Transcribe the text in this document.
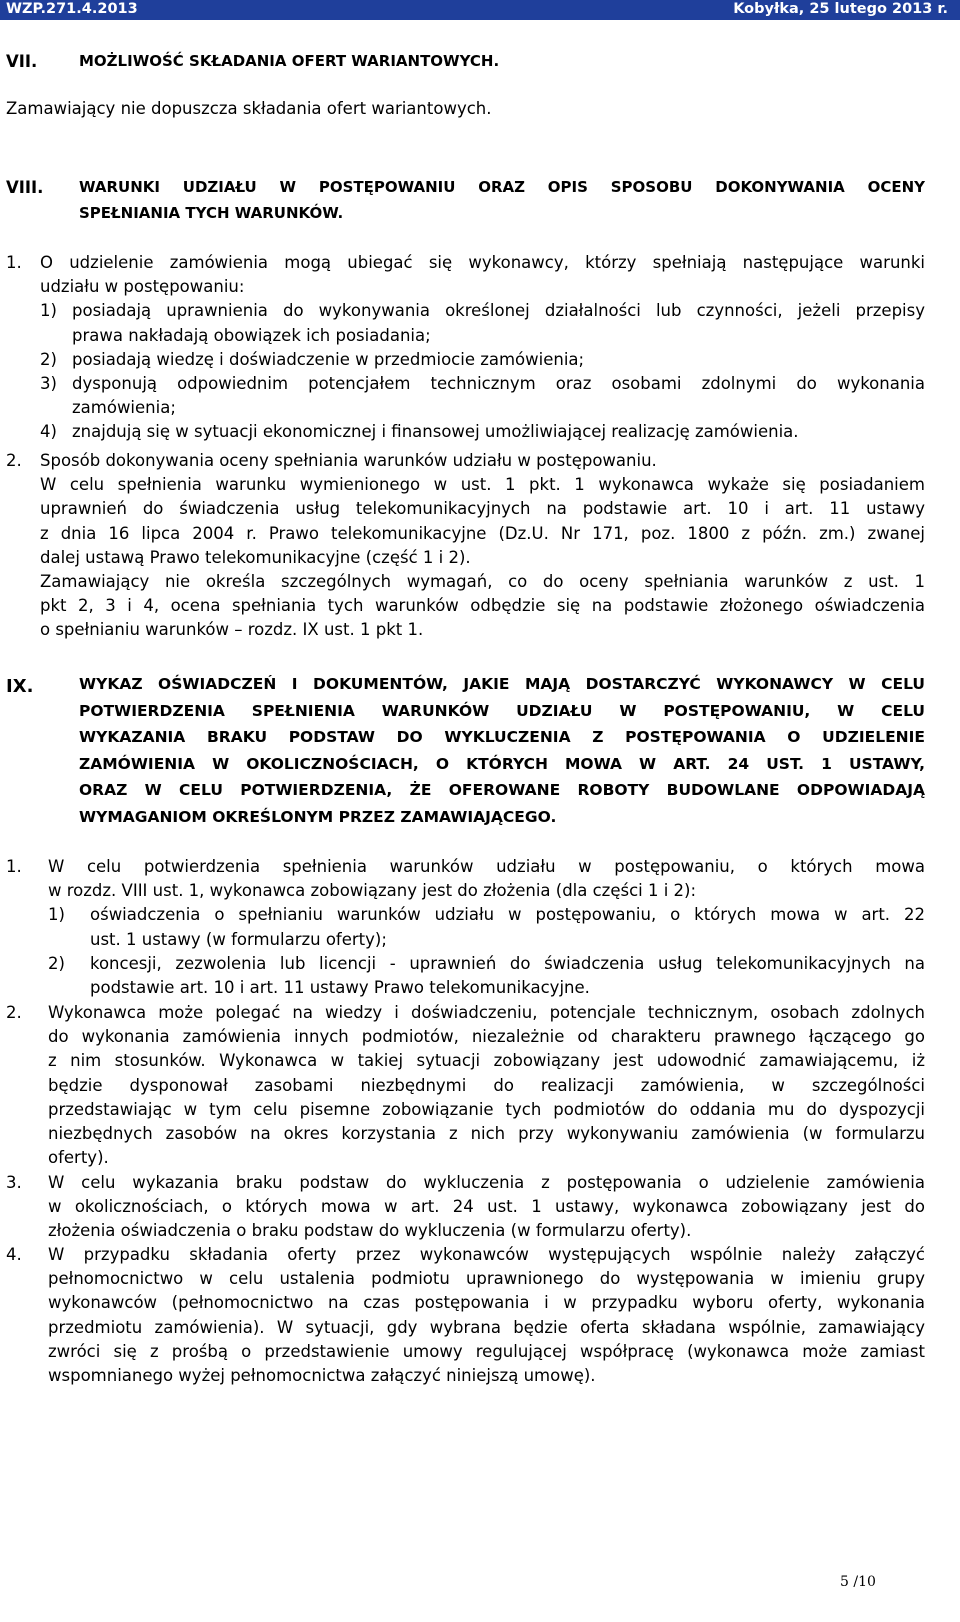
WZP.271.4.2013	Kobyłka, 25 lutego 2013 r.
VII.	MOŻLIWOŚĆ SKŁADANIA OFERT WARIANTOWYCH.
Zamawiający nie dopuszcza składania ofert wariantowych.
VIII. WARUNKI UDZIAŁU W POSTĘPOWANIU ORAZ OPIS SPOSOBU DOKONYWANIA OCENY
SPEŁNIANIA TYCH WARUNKÓW.
1. O udzielenie zamówienia mogą ubiegać się wykonawcy, którzy spełniają następujące warunki
udziału w postępowaniu:
1) posiadają uprawnienia do wykonywania określonej działalności lub czynności, jeżeli przepisy
prawa nakładają obowiązek ich posiadania;
2) posiadają wiedzę i doświadczenie w przedmiocie zamówienia;
3) dysponują odpowiednim potencjałem technicznym oraz osobami zdolnymi do wykonania
zamówienia;
4) znajdują się w sytuacji ekonomicznej i finansowej umożliwiającej realizację zamówienia.
2. Sposób dokonywania oceny spełniania warunków udziału w postępowaniu.
W celu spełnienia warunku wymienionego w ust. 1 pkt. 1 wykonawca wykaże się posiadaniem
uprawnień do świadczenia usług telekomunikacyjnych na podstawie art. 10 i art. 11 ustawy
z dnia 16 lipca 2004 r. Prawo telekomunikacyjne (Dz.U. Nr 171, poz. 1800 z późn. zm.) zwanej
dalej ustawą Prawo telekomunikacyjne (część 1 i 2).
Zamawiający nie określa szczególnych wymagań, co do oceny spełniania warunków z ust. 1
pkt 2, 3 i 4, ocena spełniania tych warunków odbędzie się na podstawie złożonego oświadczenia
o spełnianiu warunków – rozdz. IX ust. 1 pkt 1.
IX.	WYKAZ OŚWIADCZEŃ I DOKUMENTÓW, JAKIE MAJĄ DOSTARCZYĆ WYKONAWCY W CELU
POTWIERDZENIA SPEŁNIENIA WARUNKÓW UDZIAŁU W POSTĘPOWANIU, W CELU
WYKAZANIA BRAKU PODSTAW DO WYKLUCZENIA Z POSTĘPOWANIA O UDZIELENIE
ZAMÓWIENIA W OKOLICZNOŚCIACH, O KTÓRYCH MOWA W ART. 24 UST. 1 USTAWY,
ORAZ W CELU POTWIERDZENIA, ŻE OFEROWANE ROBOTY BUDOWLANE ODPOWIADAJĄ
WYMAGANIOM OKREŚLONYM PRZEZ ZAMAWIAJĄCEGO.
1. W celu potwierdzenia spełnienia warunków udziału w postępowaniu, o których mowa
w rozdz. VIII ust. 1, wykonawca zobowiązany jest do złożenia (dla części 1 i 2):
1) oświadczenia o spełnianiu warunków udziału w postępowaniu, o których mowa w art. 22
ust. 1 ustawy (w formularzu oferty);
2) koncesji, zezwolenia lub licencji - uprawnień do świadczenia usług telekomunikacyjnych na
podstawie art. 10 i art. 11 ustawy Prawo telekomunikacyjne.
2. Wykonawca może polegać na wiedzy i doświadczeniu, potencjale technicznym, osobach zdolnych
do wykonania zamówienia innych podmiotów, niezależnie od charakteru prawnego łączącego go
z nim stosunków. Wykonawca w takiej sytuacji zobowiązany jest udowodnić zamawiającemu, iż
będzie dysponował zasobami niezbędnymi do realizacji zamówienia, w szczególności
przedstawiając w tym celu pisemne zobowiązanie tych podmiotów do oddania mu do dyspozycji
niezbędnych zasobów na okres korzystania z nich przy wykonywaniu zamówienia (w formularzu
oferty).
3. W celu wykazania braku podstaw do wykluczenia z postępowania o udzielenie zamówienia
w okolicznościach, o których mowa w art. 24 ust. 1 ustawy, wykonawca zobowiązany jest do
złożenia oświadczenia o braku podstaw do wykluczenia (w formularzu oferty).
4. W przypadku składania oferty przez wykonawców występujących wspólnie należy załączyć
pełnomocnictwo w celu ustalenia podmiotu uprawnionego do występowania w imieniu grupy
wykonawców (pełnomocnictwo na czas postępowania i w przypadku wyboru oferty, wykonania
przedmiotu zamówienia). W sytuacji, gdy wybrana będzie oferta składana wspólnie, zamawiający
zwróci się z prośbą o przedstawienie umowy regulującej współpracę (wykonawca może zamiast
wspomnianego wyżej pełnomocnictwa załączyć niniejszą umowę).
5 /10
